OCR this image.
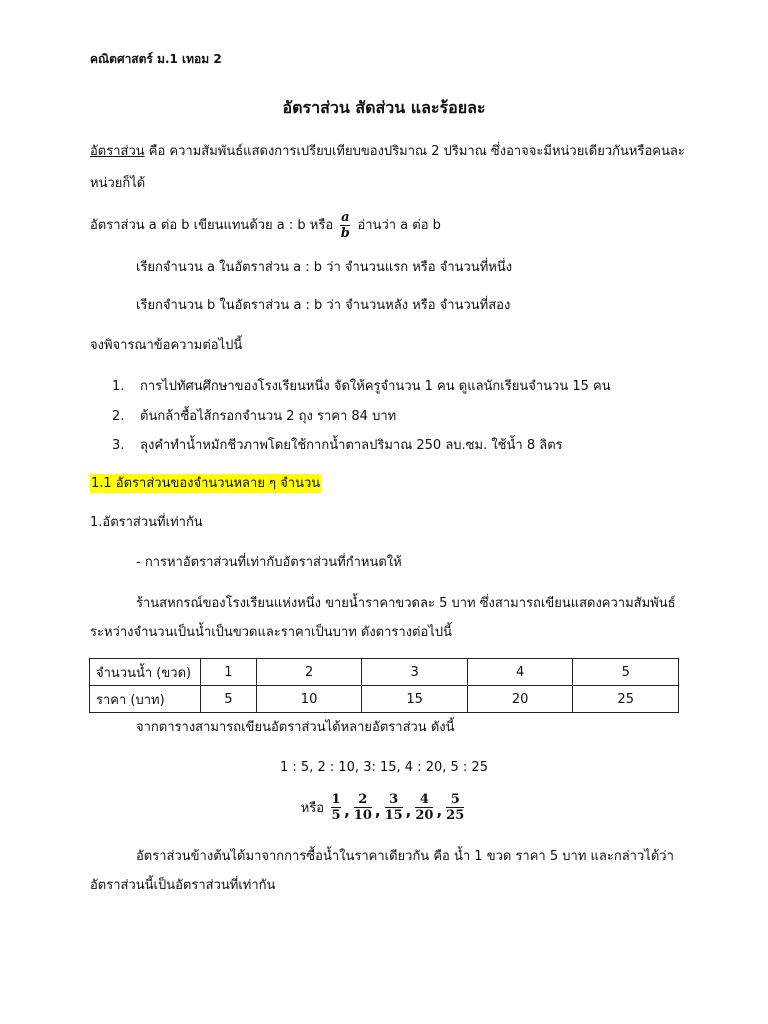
คณิตศาสตร์ ม.1 เทอม 2
อัตราส่วน สัดส่วน และร้อยละ
อัตราส่วน คือ ความสัมพันธ์แสดงการเปรียบเทียบของปริมาณ 2 ปริมาณ ซึ่งอาจจะมีหน่วยเดียวกันหรือคนละ
หน่วยก็ได้
อัตราส่วน a ต่อ b เขียนแทนด้วย a : b หรือ $\frac{a}{b}$ อ่านว่า a ต่อ b
เรียกจำนวน a ในอัตราส่วน a : b ว่า จำนวนแรก หรือ จำนวนที่หนึ่ง
เรียกจำนวน b ในอัตราส่วน a : b ว่า จำนวนหลัง หรือ จำนวนที่สอง
จงพิจารณาข้อความต่อไปนี้
1. การไปทัศนศึกษาของโรงเรียนหนึ่ง จัดให้ครูจำนวน 1 คน ดูแลนักเรียนจำนวน 15 คน
2. ต้นกล้าซื้อไส้กรอกจำนวน 2 ถุง ราคา 84 บาท
3. ลุงคำทำน้ำหมักชีวภาพโดยใช้กากน้ำตาลปริมาณ 250 ลบ.ซม. ใช้น้ำ 8 ลิตร
1.1 อัตราส่วนของจำนวนหลาย ๆ จำนวน
1.อัตราส่วนที่เท่ากัน
- การหาอัตราส่วนที่เท่ากับอัตราส่วนที่กำหนดให้
ร้านสหกรณ์ของโรงเรียนแห่งหนึ่ง ขายน้ำราคาขวดละ 5 บาท ซึ่งสามารถเขียนแสดงความสัมพันธ์
ระหว่างจำนวนเป็นน้ำเป็นขวดและราคาเป็นบาท ดังตารางต่อไปนี้
จำนวนน้ำ (ขวด)	1	2	3	4	5
ราคา (บาท)	5	10	15	20	25
จากตารางสามารถเขียนอัตราส่วนได้หลายอัตราส่วน ดังนี้
1 : 5, 2 : 10, 3: 15, 4 : 20, 5 : 25
หรือ $\frac{1}{5}$ , $\frac{2}{10}$ , $\frac{3}{15}$ , $\frac{4}{20}$ , $\frac{5}{25}$
อัตราส่วนข้างต้นได้มาจากการซื้อน้ำในราคาเดียวกัน คือ น้ำ 1 ขวด ราคา 5 บาท และกล่าวได้ว่า
อัตราส่วนนี้เป็นอัตราส่วนที่เท่ากัน
